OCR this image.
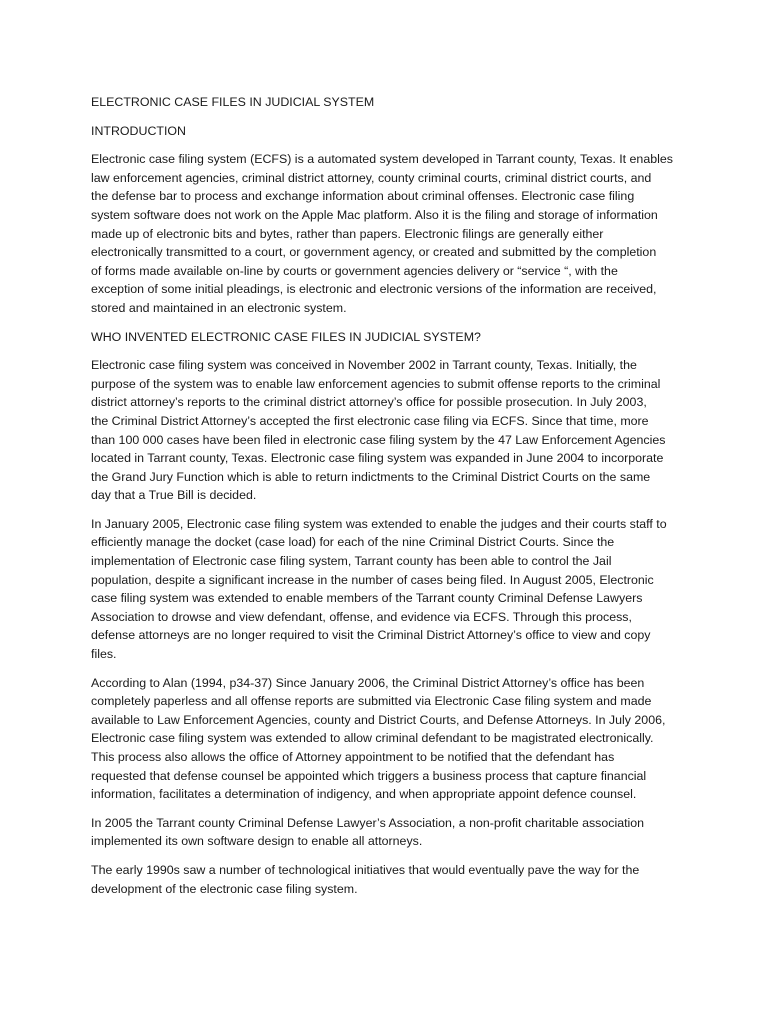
ELECTRONIC CASE FILES IN JUDICIAL SYSTEM
INTRODUCTION
Electronic case filing system (ECFS) is a automated system developed in Tarrant county, Texas. It enables
law enforcement agencies, criminal district attorney, county criminal courts, criminal district courts, and
the defense bar to process and exchange information about criminal offenses. Electronic case filing
system software does not work on the Apple Mac platform. Also it is the filing and storage of information
made up of electronic bits and bytes, rather than papers. Electronic filings are generally either
electronically transmitted to a court, or government agency, or created and submitted by the completion
of forms made available on-line by courts or government agencies delivery or “service “, with the
exception of some initial pleadings, is electronic and electronic versions of the information are received,
stored and maintained in an electronic system.
WHO INVENTED ELECTRONIC CASE FILES IN JUDICIAL SYSTEM?
Electronic case filing system was conceived in November 2002 in Tarrant county, Texas. Initially, the
purpose of the system was to enable law enforcement agencies to submit offense reports to the criminal
district attorney’s reports to the criminal district attorney’s office for possible prosecution. In July 2003,
the Criminal District Attorney’s accepted the first electronic case filing via ECFS. Since that time, more
than 100 000 cases have been filed in electronic case filing system by the 47 Law Enforcement Agencies
located in Tarrant county, Texas. Electronic case filing system was expanded in June 2004 to incorporate
the Grand Jury Function which is able to return indictments to the Criminal District Courts on the same
day that a True Bill is decided.
In January 2005, Electronic case filing system was extended to enable the judges and their courts staff to
efficiently manage the docket (case load) for each of the nine Criminal District Courts. Since the
implementation of Electronic case filing system, Tarrant county has been able to control the Jail
population, despite a significant increase in the number of cases being filed. In August 2005, Electronic
case filing system was extended to enable members of the Tarrant county Criminal Defense Lawyers
Association to drowse and view defendant, offense, and evidence via ECFS. Through this process,
defense attorneys are no longer required to visit the Criminal District Attorney’s office to view and copy
files.
According to Alan (1994, p34-37) Since January 2006, the Criminal District Attorney’s office has been
completely paperless and all offense reports are submitted via Electronic Case filing system and made
available to Law Enforcement Agencies, county and District Courts, and Defense Attorneys. In July 2006,
Electronic case filing system was extended to allow criminal defendant to be magistrated electronically.
This process also allows the office of Attorney appointment to be notified that the defendant has
requested that defense counsel be appointed which triggers a business process that capture financial
information, facilitates a determination of indigency, and when appropriate appoint defence counsel.
In 2005 the Tarrant county Criminal Defense Lawyer’s Association, a non-profit charitable association
implemented its own software design to enable all attorneys.
The early 1990s saw a number of technological initiatives that would eventually pave the way for the
development of the electronic case filing system.
